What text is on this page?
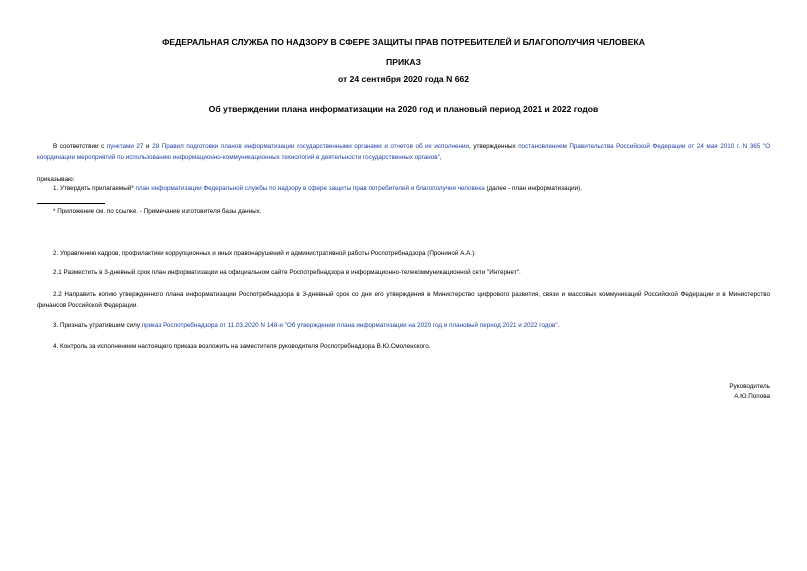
ФЕДЕРАЛЬНАЯ СЛУЖБА ПО НАДЗОРУ В СФЕРЕ ЗАЩИТЫ ПРАВ ПОТРЕБИТЕЛЕЙ И БЛАГОПОЛУЧИЯ ЧЕЛОВЕКА
ПРИКАЗ
от 24 сентября 2020 года N 662
Об утверждении плана информатизации на 2020 год и плановый период 2021 и 2022 годов
В соответствии с пунктами 27 и 28 Правил подготовки планов информатизации государственными органами и отчетов об их исполнении, утвержденных постановлением Правительства Российской Федерации от 24 мая 2010 г. N 365 "О координации мероприятий по использованию информационно-коммуникационных технологий в деятельности государственных органов",
приказываю:
1. Утвердить прилагаемый* план информатизации Федеральной службы по надзору в сфере защиты прав потребителей и благополучия человека (далее - план информатизации).
* Приложение см. по ссылке. - Примечание изготовителя базы данных.
2. Управлению кадров, профилактики коррупционных и иных правонарушений и административной работы Роспотребнадзора (Прониной А.А.):
2.1 Разместить в 3-дневный срок план информатизации на официальном сайте Роспотребнадзора в информационно-телекоммуникационной сети "Интернет".
2.2 Направить копию утвержденного плана информатизации Роспотребнадзора в 3-дневный срок со дня его утверждения в Министерство цифрового развития, связи и массовых коммуникаций Российской Федерации и в Министерство финансов Российской Федерации.
3. Признать утратившим силу приказ Роспотребнадзора от 11.03.2020 N 148-и "Об утверждении плана информатизации на 2020 год и плановый период 2021 и 2022 годов".
4. Контроль за исполнением настоящего приказа возложить на заместителя руководителя Роспотребнадзора В.Ю.Смоленского.
Руководитель
А.Ю.Попова
